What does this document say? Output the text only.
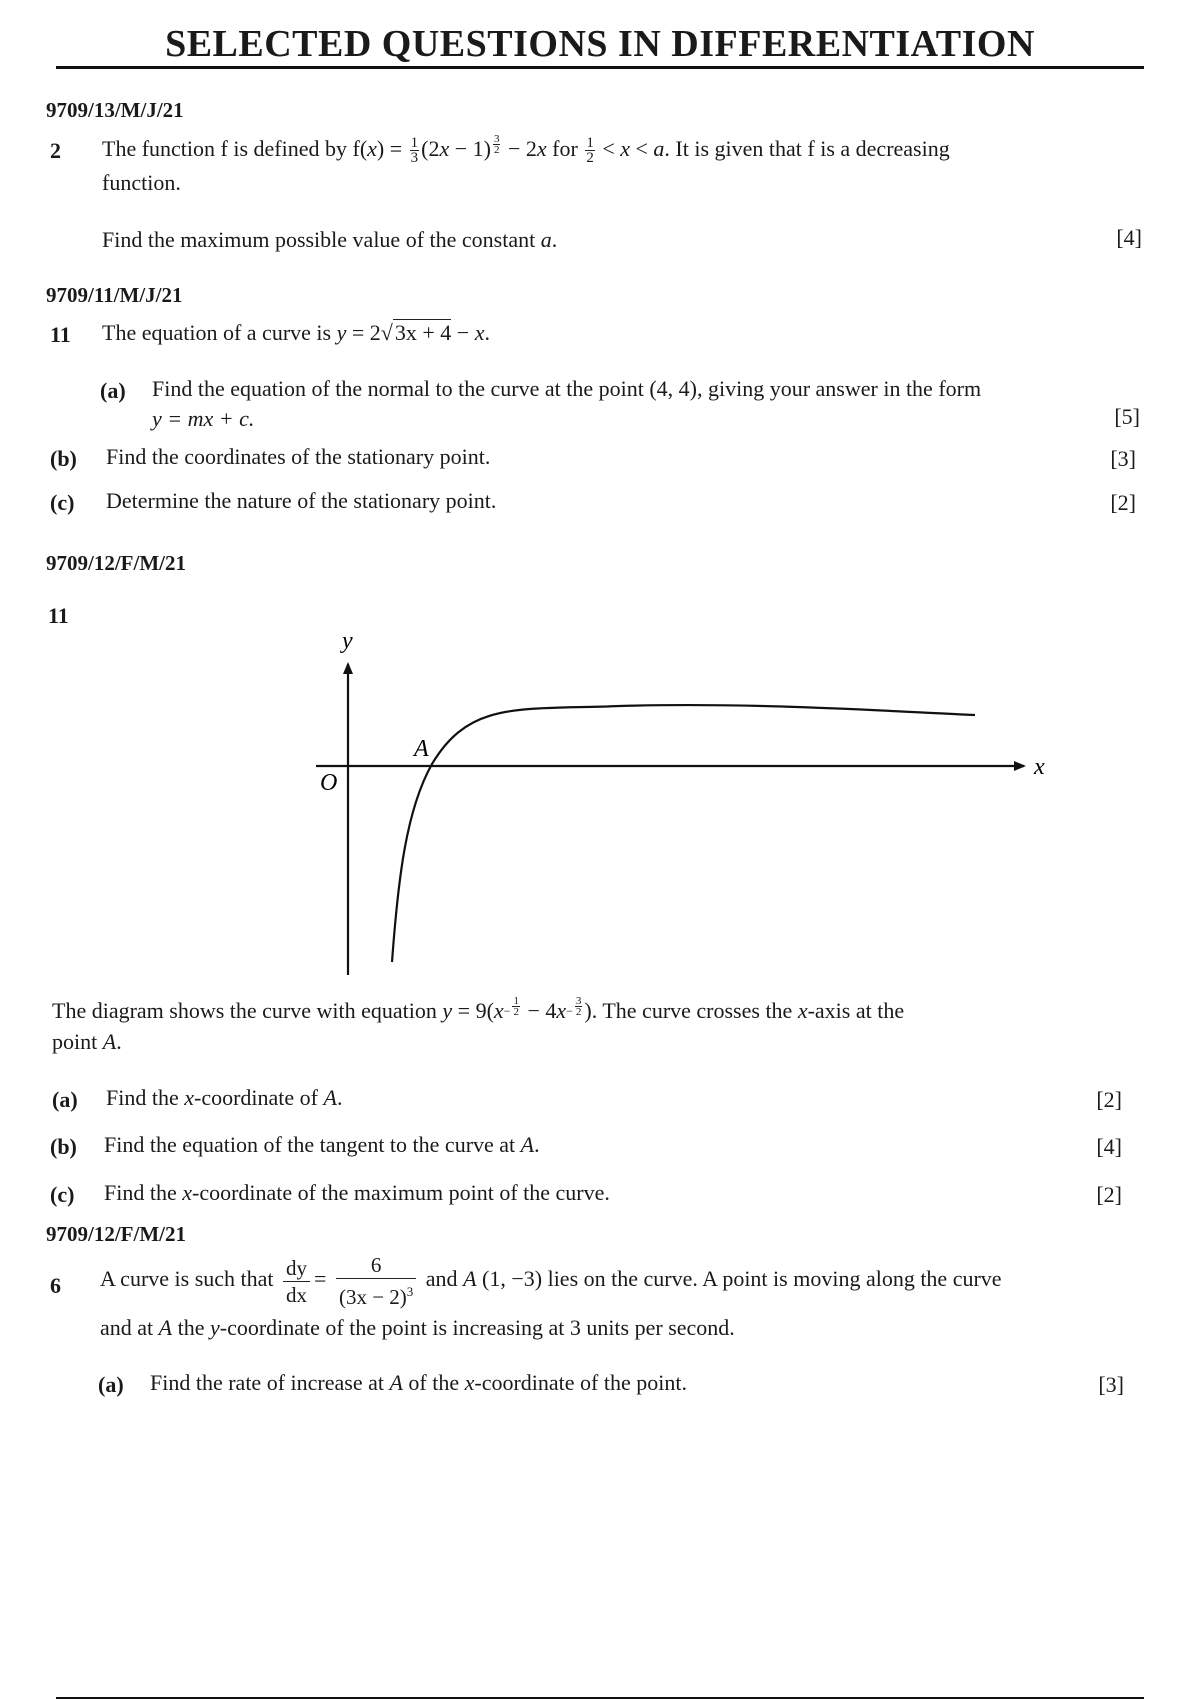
SELECTED QUESTIONS IN DIFFERENTIATION
9709/13/M/J/21
2 The function f is defined by $f(x) = \frac{1}{3} (2x - 1) \frac{3}{2} - 2x$ for $\frac{1}{2} < x < a$. It is given that f is a decreasing
function.
Find the maximum possible value of the constant a.	[4]
9709/11/M/J/21
11 The equation of a curve is y = 2√3x + 4 − x.
(a) Find the equation of the normal to the curve at the point (4, 4), giving your answer in the form
y = mx + c.	[5]
(b) Find the coordinates of the stationary point.	[3]
(c) Determine the nature of the stationary point.	[2]
9709/12/F/M/21
11
y
x
O
A
The diagram shows the curve with equation $y = 9(x^{- \frac{1}{2}} - 4x^{- \frac{3}{2}}$ ). The curve crosses the x-axis at the
point A.
(a) Find the x-coordinate of A.	[2]
(b) Find the equation of the tangent to the curve at A.	[4]
(c) Find the x-coordinate of the maximum point of the curve.	[2]
9709/12/F/M/21
6 A curve is such that $\frac{dy}{dx} = \frac{6}{(3x - 2)^3}$ and A (1, −3) lies on the curve. A point is moving along the curve
and at A the y-coordinate of the point is increasing at 3 units per second.
(a) Find the rate of increase at A of the x-coordinate of the point.	[3]
